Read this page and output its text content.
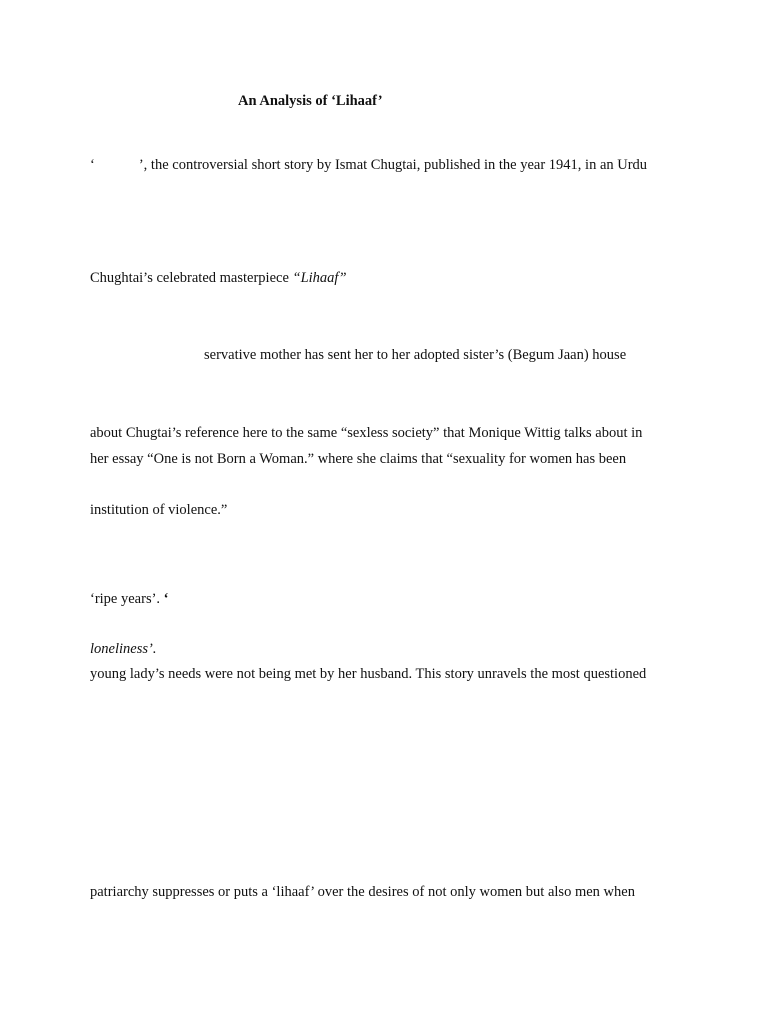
An Analysis of ‘Lihaaf’
‘	’, the controversial short story by Ismat Chugtai, published in the year 1941, in an Urdu
Chughtai’s celebrated masterpiece “Lihaaf”
servative mother has sent her to her adopted sister’s (Begum Jaan) house
about Chugtai’s reference here to the same “sexless society” that Monique Wittig talks about in
her essay “One is not Born a Woman.” where she claims that “sexuality for women has been
institution of violence.”
‘ripe years’. ‘
loneliness’.
young lady’s needs were not being met by her husband. This story unravels the most questioned
patriarchy suppresses or puts a ‘lihaaf’ over the desires of not only women but also men when
